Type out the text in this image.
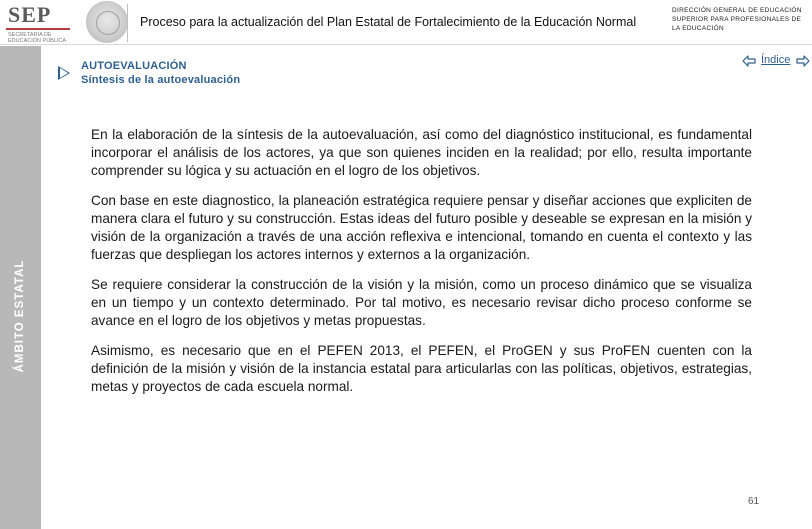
SEP
SECRETARÍA DE EDUCACIÓN PÚBLICA
Proceso para la actualización del Plan Estatal de Fortalecimiento de la Educación Normal
DIRECCIÓN GENERAL DE EDUCACIÓN SUPERIOR PARA PROFESIONALES DE LA EDUCACIÓN
ÁMBITO ESTATAL
AUTOEVALUACIÓN
Síntesis de la autoevaluación
Índice

En la elaboración de la síntesis de la autoevaluación, así como del diagnóstico institucional, es fundamental incorporar el análisis de los actores, ya que son quienes inciden en la realidad; por ello, resulta importante comprender su lógica y su actuación en el logro de los objetivos.

Con base en este diagnostico, la planeación estratégica requiere pensar y diseñar acciones que expliciten de manera clara el futuro y su construcción. Estas ideas del futuro posible y deseable se expresan en la misión y visión de la organización a través de una acción reflexiva e intencional, tomando en cuenta el contexto y las fuerzas que despliegan los actores internos y externos a la organización.

Se requiere considerar la construcción de la visión y la misión, como un proceso dinámico que se visualiza en un tiempo y un contexto determinado. Por tal motivo, es necesario revisar dicho proceso conforme se avance en el logro de los objetivos y metas propuestas.

Asimismo, es necesario que en el PEFEN 2013, el PEFEN, el ProGEN y sus ProFEN cuenten con la definición de la misión y visión de la instancia estatal para articularlas con las políticas, objetivos, estrategias, metas y proyectos de cada escuela normal.

61
